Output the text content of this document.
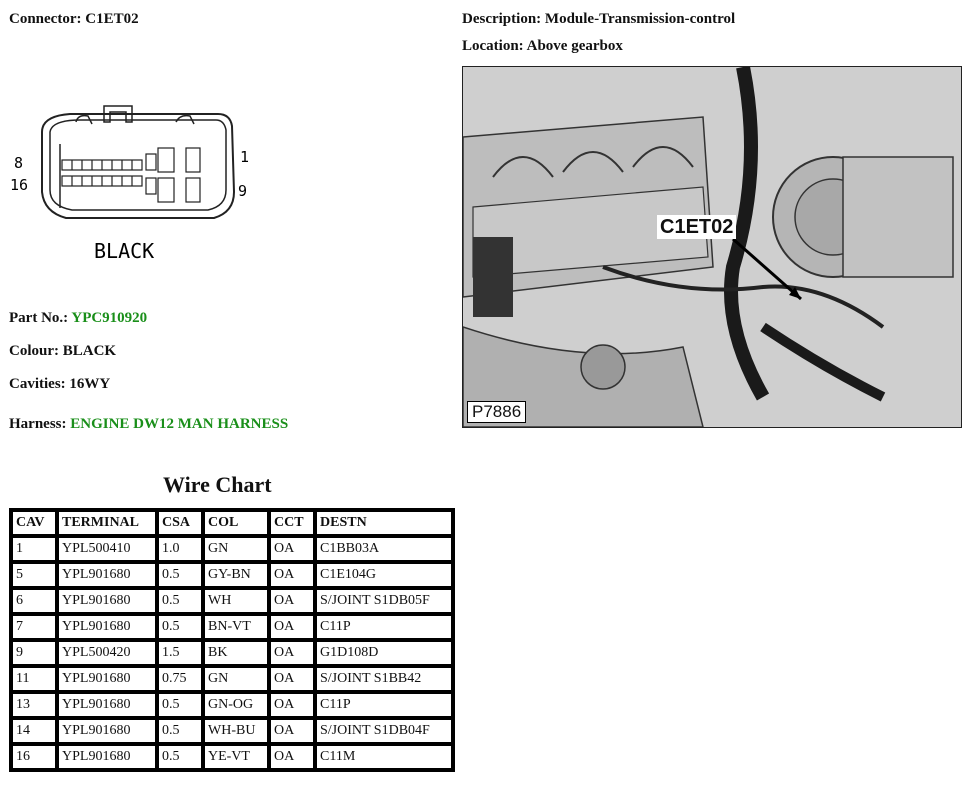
Connector: C1ET02	Description: Module-Transmission-control
Location: Above gearbox
8
16
1
9
BLACK
Part No.: YPC910920
Colour: BLACK
Cavities: 16WY
Harness: ENGINE DW12 MAN HARNESS
C1ET02
P7886
Wire Chart
CAV	TERMINAL	CSA	COL	CCT	DESTN
1	YPL500410	1.0	GN	OA	C1BB03A
5	YPL901680	0.5	GY-BN	OA	C1E104G
6	YPL901680	0.5	WH	OA	S/JOINT S1DB05F
7	YPL901680	0.5	BN-VT	OA	C11P
9	YPL500420	1.5	BK	OA	G1D108D
11	YPL901680	0.75	GN	OA	S/JOINT S1BB42
13	YPL901680	0.5	GN-OG	OA	C11P
14	YPL901680	0.5	WH-BU	OA	S/JOINT S1DB04F
16	YPL901680	0.5	YE-VT	OA	C11M
